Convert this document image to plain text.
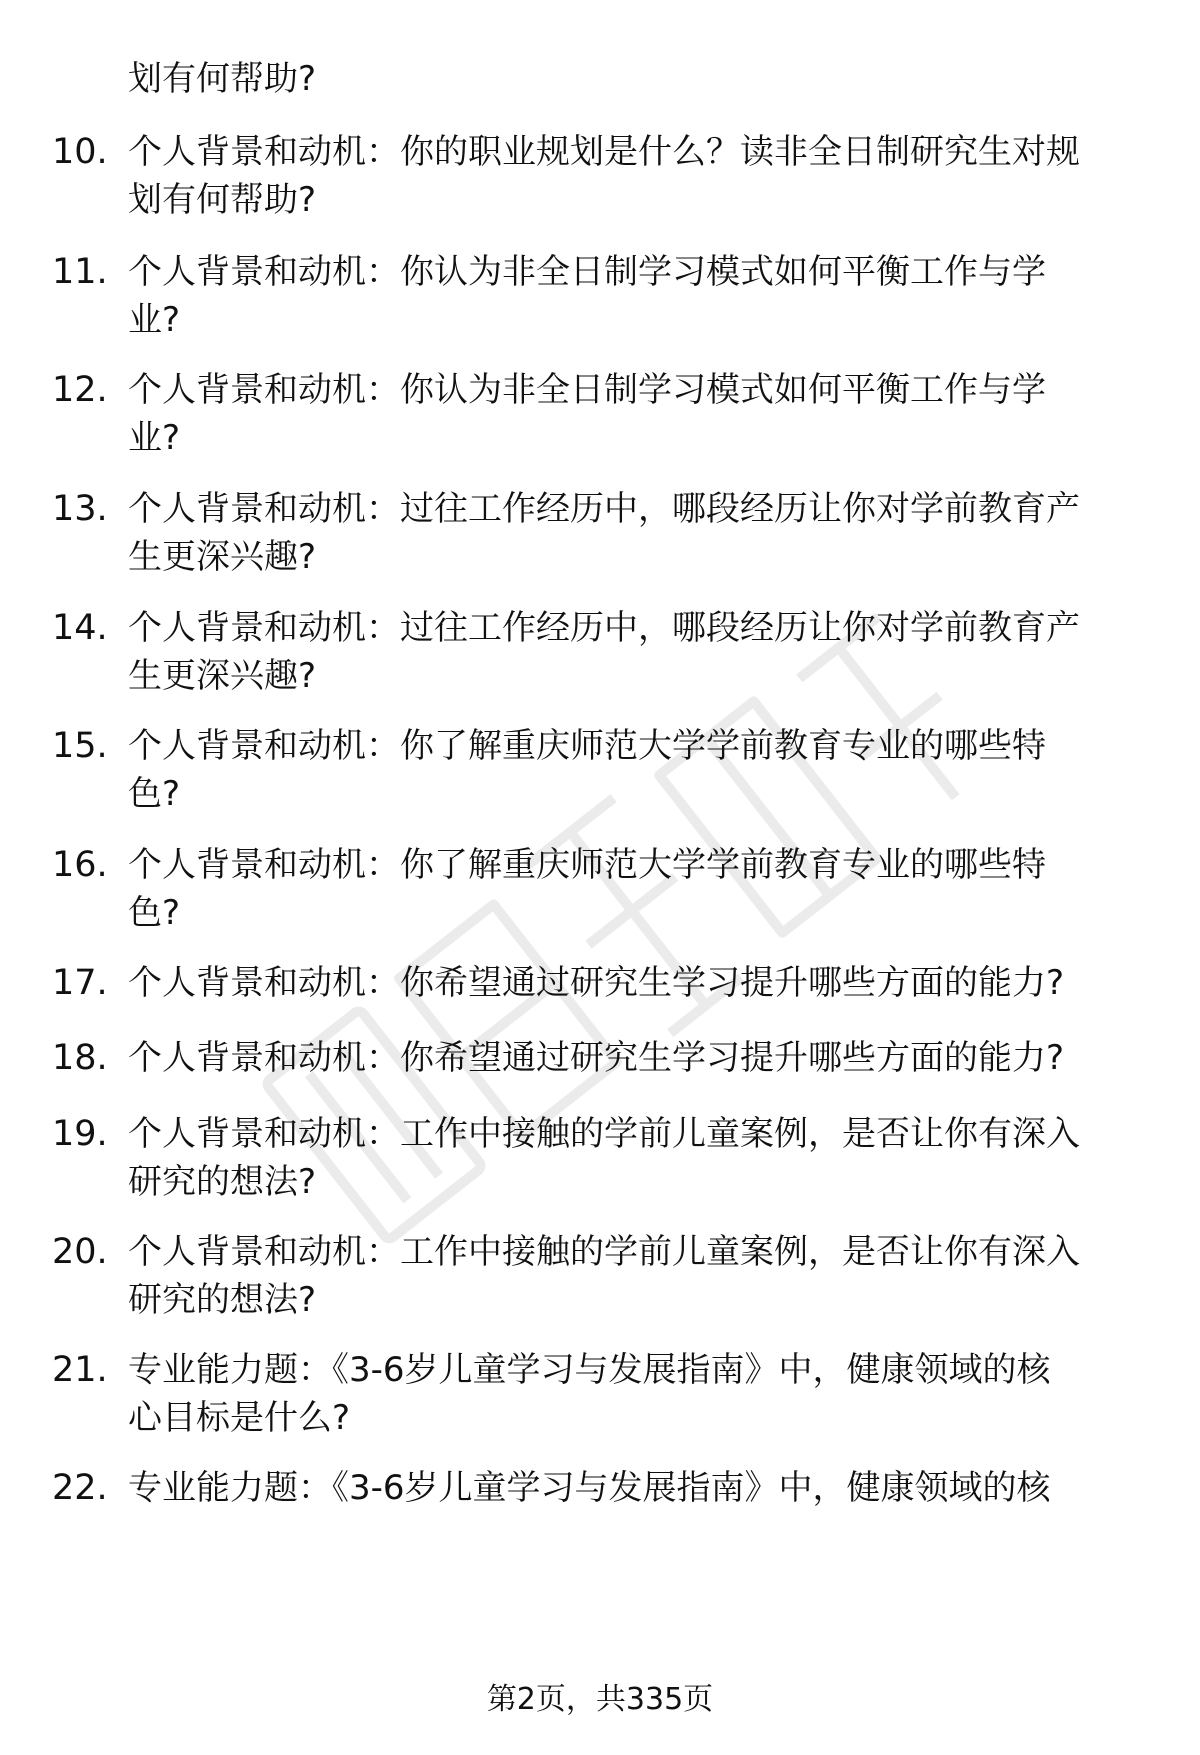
划有何帮助?
10. 个人背景和动机：你的职业规划是什么？读非全日制研究生对规
划有何帮助?
11. 个人背景和动机：你认为非全日制学习模式如何平衡工作与学
业?
12. 个人背景和动机：你认为非全日制学习模式如何平衡工作与学
业?
13. 个人背景和动机：过往工作经历中，哪段经历让你对学前教育产
生更深兴趣?
14. 个人背景和动机：过往工作经历中，哪段经历让你对学前教育产
生更深兴趣?
15. 个人背景和动机：你了解重庆师范大学学前教育专业的哪些特
色?
16. 个人背景和动机：你了解重庆师范大学学前教育专业的哪些特
色?
17. 个人背景和动机：你希望通过研究生学习提升哪些方面的能力?
18. 个人背景和动机：你希望通过研究生学习提升哪些方面的能力?
19. 个人背景和动机：工作中接触的学前儿童案例，是否让你有深入
研究的想法?
20. 个人背景和动机：工作中接触的学前儿童案例，是否让你有深入
研究的想法?
21. 专业能力题：《3-6岁儿童学习与发展指南》中，健康领域的核
心目标是什么?
22. 专业能力题：《3-6岁儿童学习与发展指南》中，健康领域的核
第2页，共335页
